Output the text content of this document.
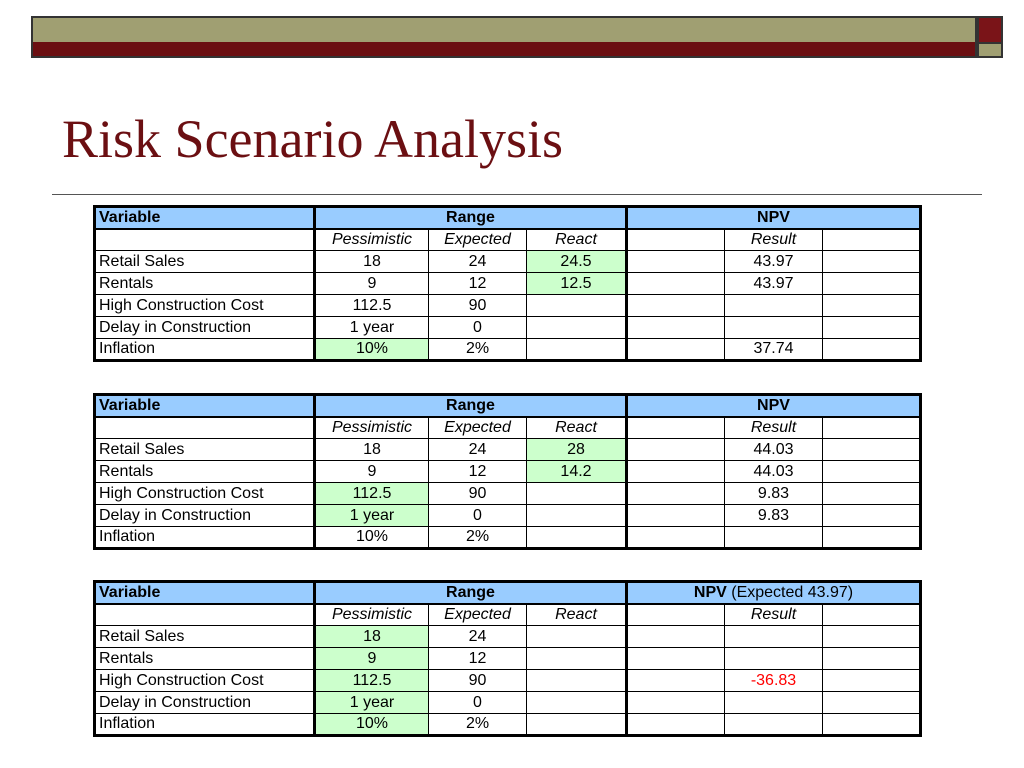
Risk Scenario Analysis
Variable	Range			NPV		
	Pessimistic	Expected	React		Result	
Retail Sales	18	24	24.5		43.97	
Rentals	9	12	12.5		43.97	
High Construction Cost	112.5	90				
Delay in Construction	1 year	0				
Inflation	10%	2%			37.74	
Variable	Range			NPV		
	Pessimistic	Expected	React		Result	
Retail Sales	18	24	28		44.03	
Rentals	9	12	14.2		44.03	
High Construction Cost	112.5	90			9.83	
Delay in Construction	1 year	0			9.83	
Inflation	10%	2%				
Variable	Range			NPV (Expected 43.97)		
	Pessimistic	Expected	React		Result	
Retail Sales	18	24				
Rentals	9	12				
High Construction Cost	112.5	90			-36.83	
Delay in Construction	1 year	0				
Inflation	10%	2%				
